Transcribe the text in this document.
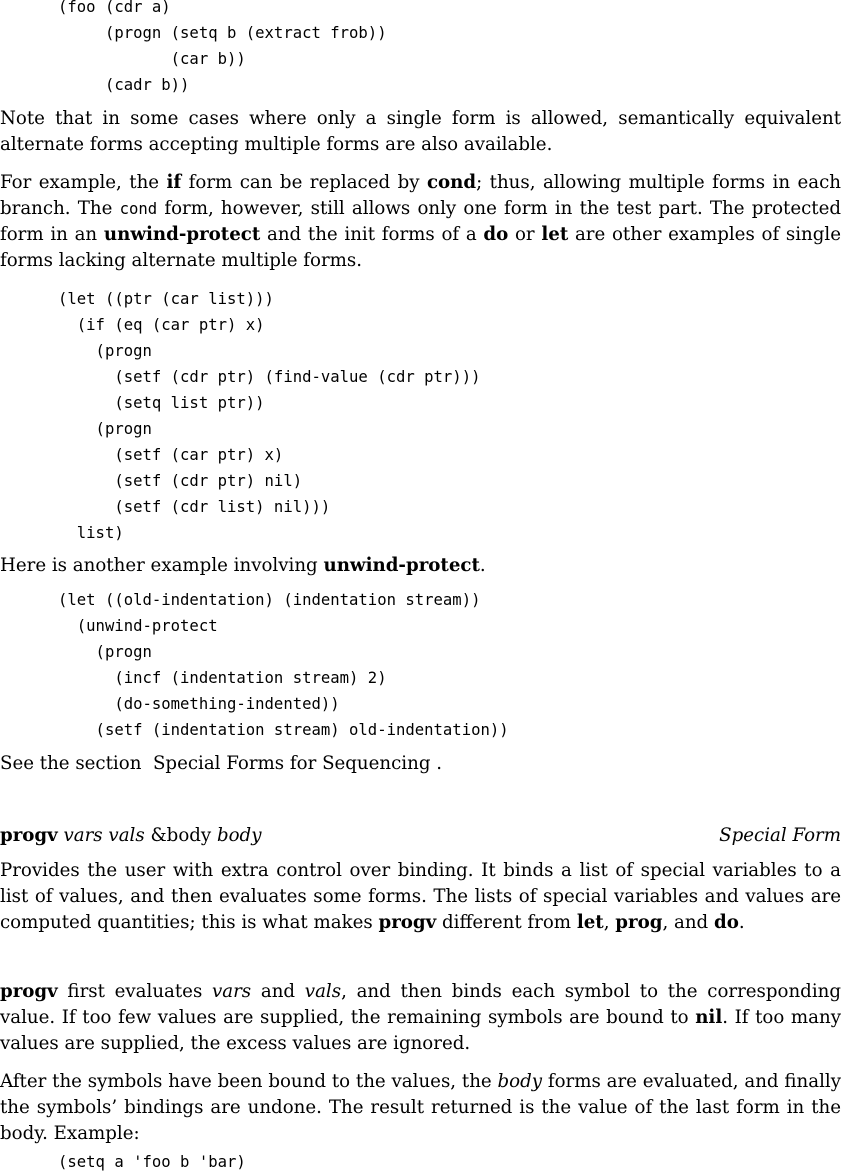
(foo (cdr a)
(progn (setq b (extract frob))
(car b))
(cadr b))

Note that in some cases where only a single form is allowed, semantically equivalent alternate forms accepting multiple forms are also available.

For example, the if form can be replaced by cond; thus, allowing multiple forms in each branch. The cond form, however, still allows only one form in the test part. The protected form in an unwind-protect and the init forms of a do or let are other examples of single forms lacking alternate multiple forms.

(let ((ptr (car list)))
(if (eq (car ptr) x)
(progn
(setf (cdr ptr) (find-value (cdr ptr)))
(setq list ptr))
(progn
(setf (car ptr) x)
(setf (cdr ptr) nil)
(setf (cdr list) nil)))
list)

Here is another example involving unwind-protect.

(let ((old-indentation) (indentation stream))
(unwind-protect
(progn
(incf (indentation stream) 2)
(do-something-indented))
(setf (indentation stream) old-indentation))

See the section  Special Forms for Sequencing .

progv vars vals &body body	Special Form

Provides the user with extra control over binding. It binds a list of special variables to a list of values, and then evaluates some forms. The lists of special variables and values are computed quantities; this is what makes progv different from let, prog, and do.

progv first evaluates vars and vals, and then binds each symbol to the corresponding value. If too few values are supplied, the remaining symbols are bound to nil. If too many values are supplied, the excess values are ignored.

After the symbols have been bound to the values, the body forms are evaluated, and finally the symbols’ bindings are undone. The result returned is the value of the last form in the body. Example:

(setq a 'foo b 'bar)
